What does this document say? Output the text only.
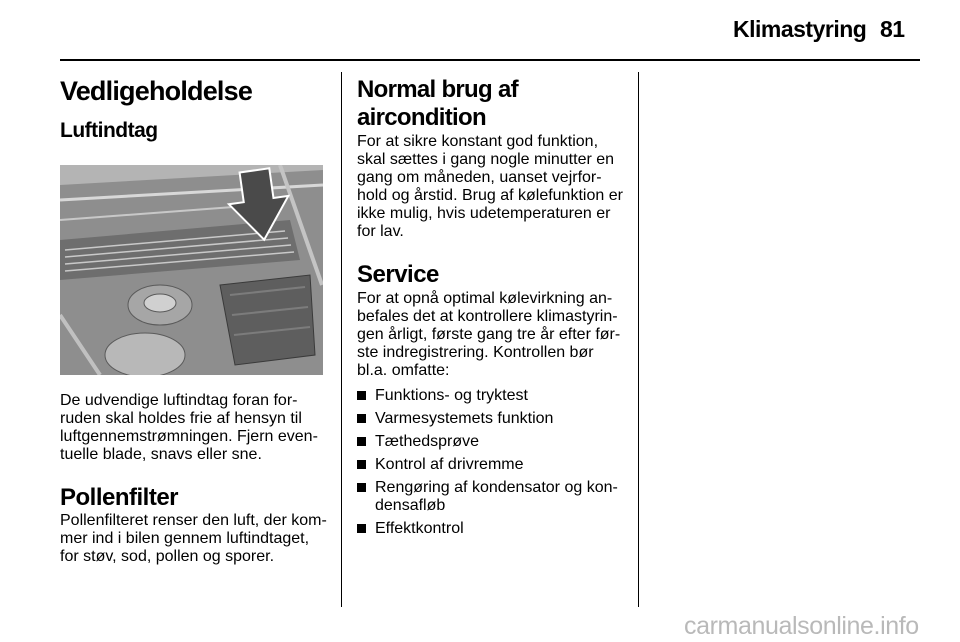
Klimastyring 81
Vedligeholdelse
Luftindtag

De udvendige luftindtag foran for-
ruden skal holdes frie af hensyn til
luftgennemstrømningen. Fjern even-
tuelle blade, snavs eller sne.

Pollenfilter

Pollenfilteret renser den luft, der kom-
mer ind i bilen gennem luftindtaget,
for støv, sod, pollen og sporer.

Normal brug af aircondition

For at sikre konstant god funktion,
skal sættes i gang nogle minutter en
gang om måneden, uanset vejrfor-
hold og årstid. Brug af kølefunktion er
ikke mulig, hvis udetemperaturen er
for lav.

Service

For at opnå optimal kølevirkning an-
befales det at kontrollere klimastyrin-
gen årligt, første gang tre år efter før-
ste indregistrering. Kontrollen bør
bl.a. omfatte:

Funktions- og tryktest
Varmesystemets funktion
Tæthedsprøve
Kontrol af drivremme
Rengøring af kondensator og kon-
densafløb
Effektkontrol
carmanualsonline.info
